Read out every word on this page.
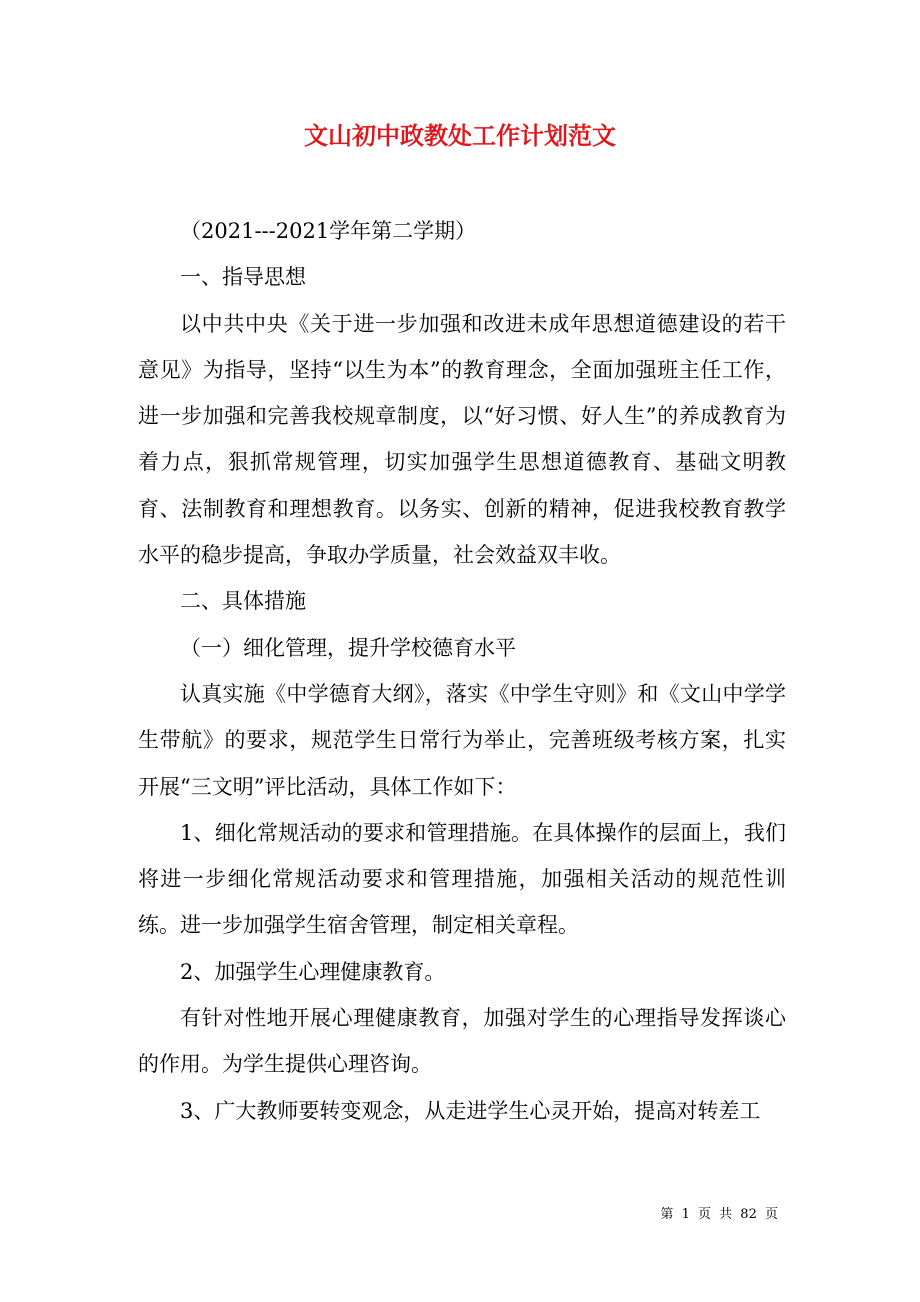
文山初中政教处工作计划范文

（2021---2021学年第二学期）

一、指导思想

以中共中央《关于进一步加强和改进未成年思想道德建设的若干意见》为指导，坚持“以生为本”的教育理念，全面加强班主任工作，进一步加强和完善我校规章制度，以“好习惯、好人生”的养成教育为着力点，狠抓常规管理，切实加强学生思想道德教育、基础文明教育、法制教育和理想教育。以务实、创新的精神，促进我校教育教学水平的稳步提高，争取办学质量，社会效益双丰收。

二、具体措施

（一）细化管理，提升学校德育水平

认真实施《中学德育大纲》，落实《中学生守则》和《文山中学学生带航》的要求，规范学生日常行为举止，完善班级考核方案，扎实开展“三文明”评比活动，具体工作如下：

1、细化常规活动的要求和管理措施。在具体操作的层面上，我们将进一步细化常规活动要求和管理措施，加强相关活动的规范性训练。进一步加强学生宿舍管理，制定相关章程。

2、加强学生心理健康教育。

有针对性地开展心理健康教育，加强对学生的心理指导发挥谈心的作用。为学生提供心理咨询。

3、广大教师要转变观念，从走进学生心灵开始，提高对转差工

第 1 页 共 82 页
